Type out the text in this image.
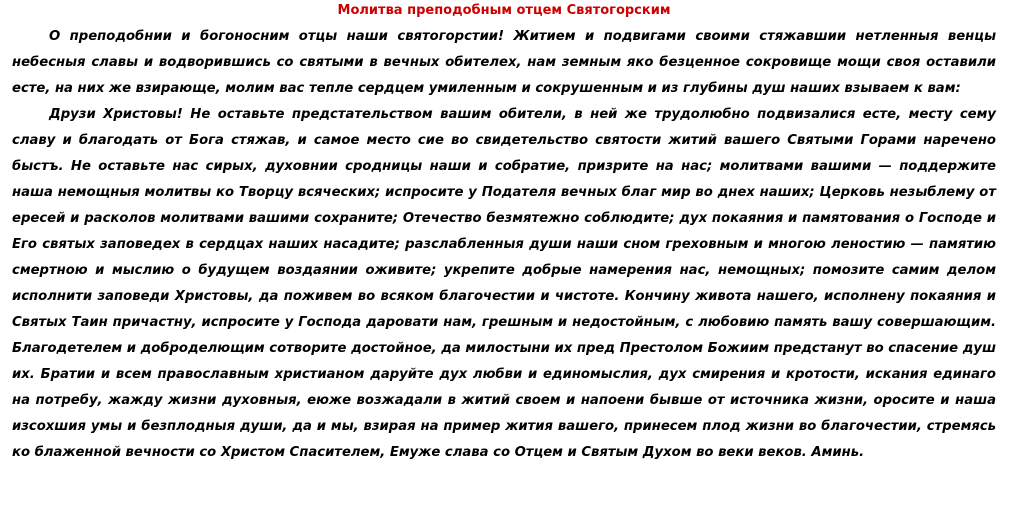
Молитва преподобным отцем Святогорским

О преподобнии и богоносним отцы наши святогорстии! Житием и подвигами своими стяжавшии нетленныя венцы небесныя славы и водворившись со святыми в вечных обителех, нам земным яко безценное сокровище мощи своя оставили есте, на них же взирающе, молим вас тепле сердцем умиленным и сокрушенным и из глубины душ наших взываем к вам:

Друзи Христовы! Не оставьте предстательством вашим обители, в ней же трудолюбно подвизалися есте, месту сему славу и благодать от Бога стяжав, и самое место сие во свидетельство святости житий вашего Святыми Горами нареченo быстъ. Не оставьте нас сирых, духовнии сродницы наши и собратие, призрите на нас; молитвами вашими — поддержите наша немощныя молитвы ко Творцу всяческих; испросите у Подателя вечных благ мир во днех наших; Церковь незыблему от ересей и расколов молитвами вашими сохраните; Отечество безмятежно соблюдите; дух покаяния и памятования о Господе и Его святых заповедех в сердцах наших насадите; разслабленныя души наши сном греховным и многою леностию — памятию смертною и мыслию о будущем воздаянии оживите; укрепите добрые намерения нас, немощных; помозите самим делом исполнити заповеди Христовы, да поживем во всяком благочестии и чистоте. Кончину живота нашего, исполнену покаяния и Святых Таин причастну, испросите у Господа даровати нам, грешным и недостойным, с любовию память вашу совершающим. Благодетелем и доброделющим сотворите достойное, да милостыни их пред Престолом Божиим предстанут во спасение душ их. Братии и всем православным христианом даруйте дух любви и единомыслия, дух смирения и кротости, искания единаго на потребу, жажду жизни духовныя, еюже возжадали в житий своем и напоени бывше от источника жизни, оросите и наша изсохшия умы и безплодныя души, да и мы, взирая на пример жития вашего, принесем плод жизни во благочестии, стремясь ко блаженной вечности со Христом Спасителем, Емуже слава со Отцем и Святым Духом во веки веков. Аминь.
